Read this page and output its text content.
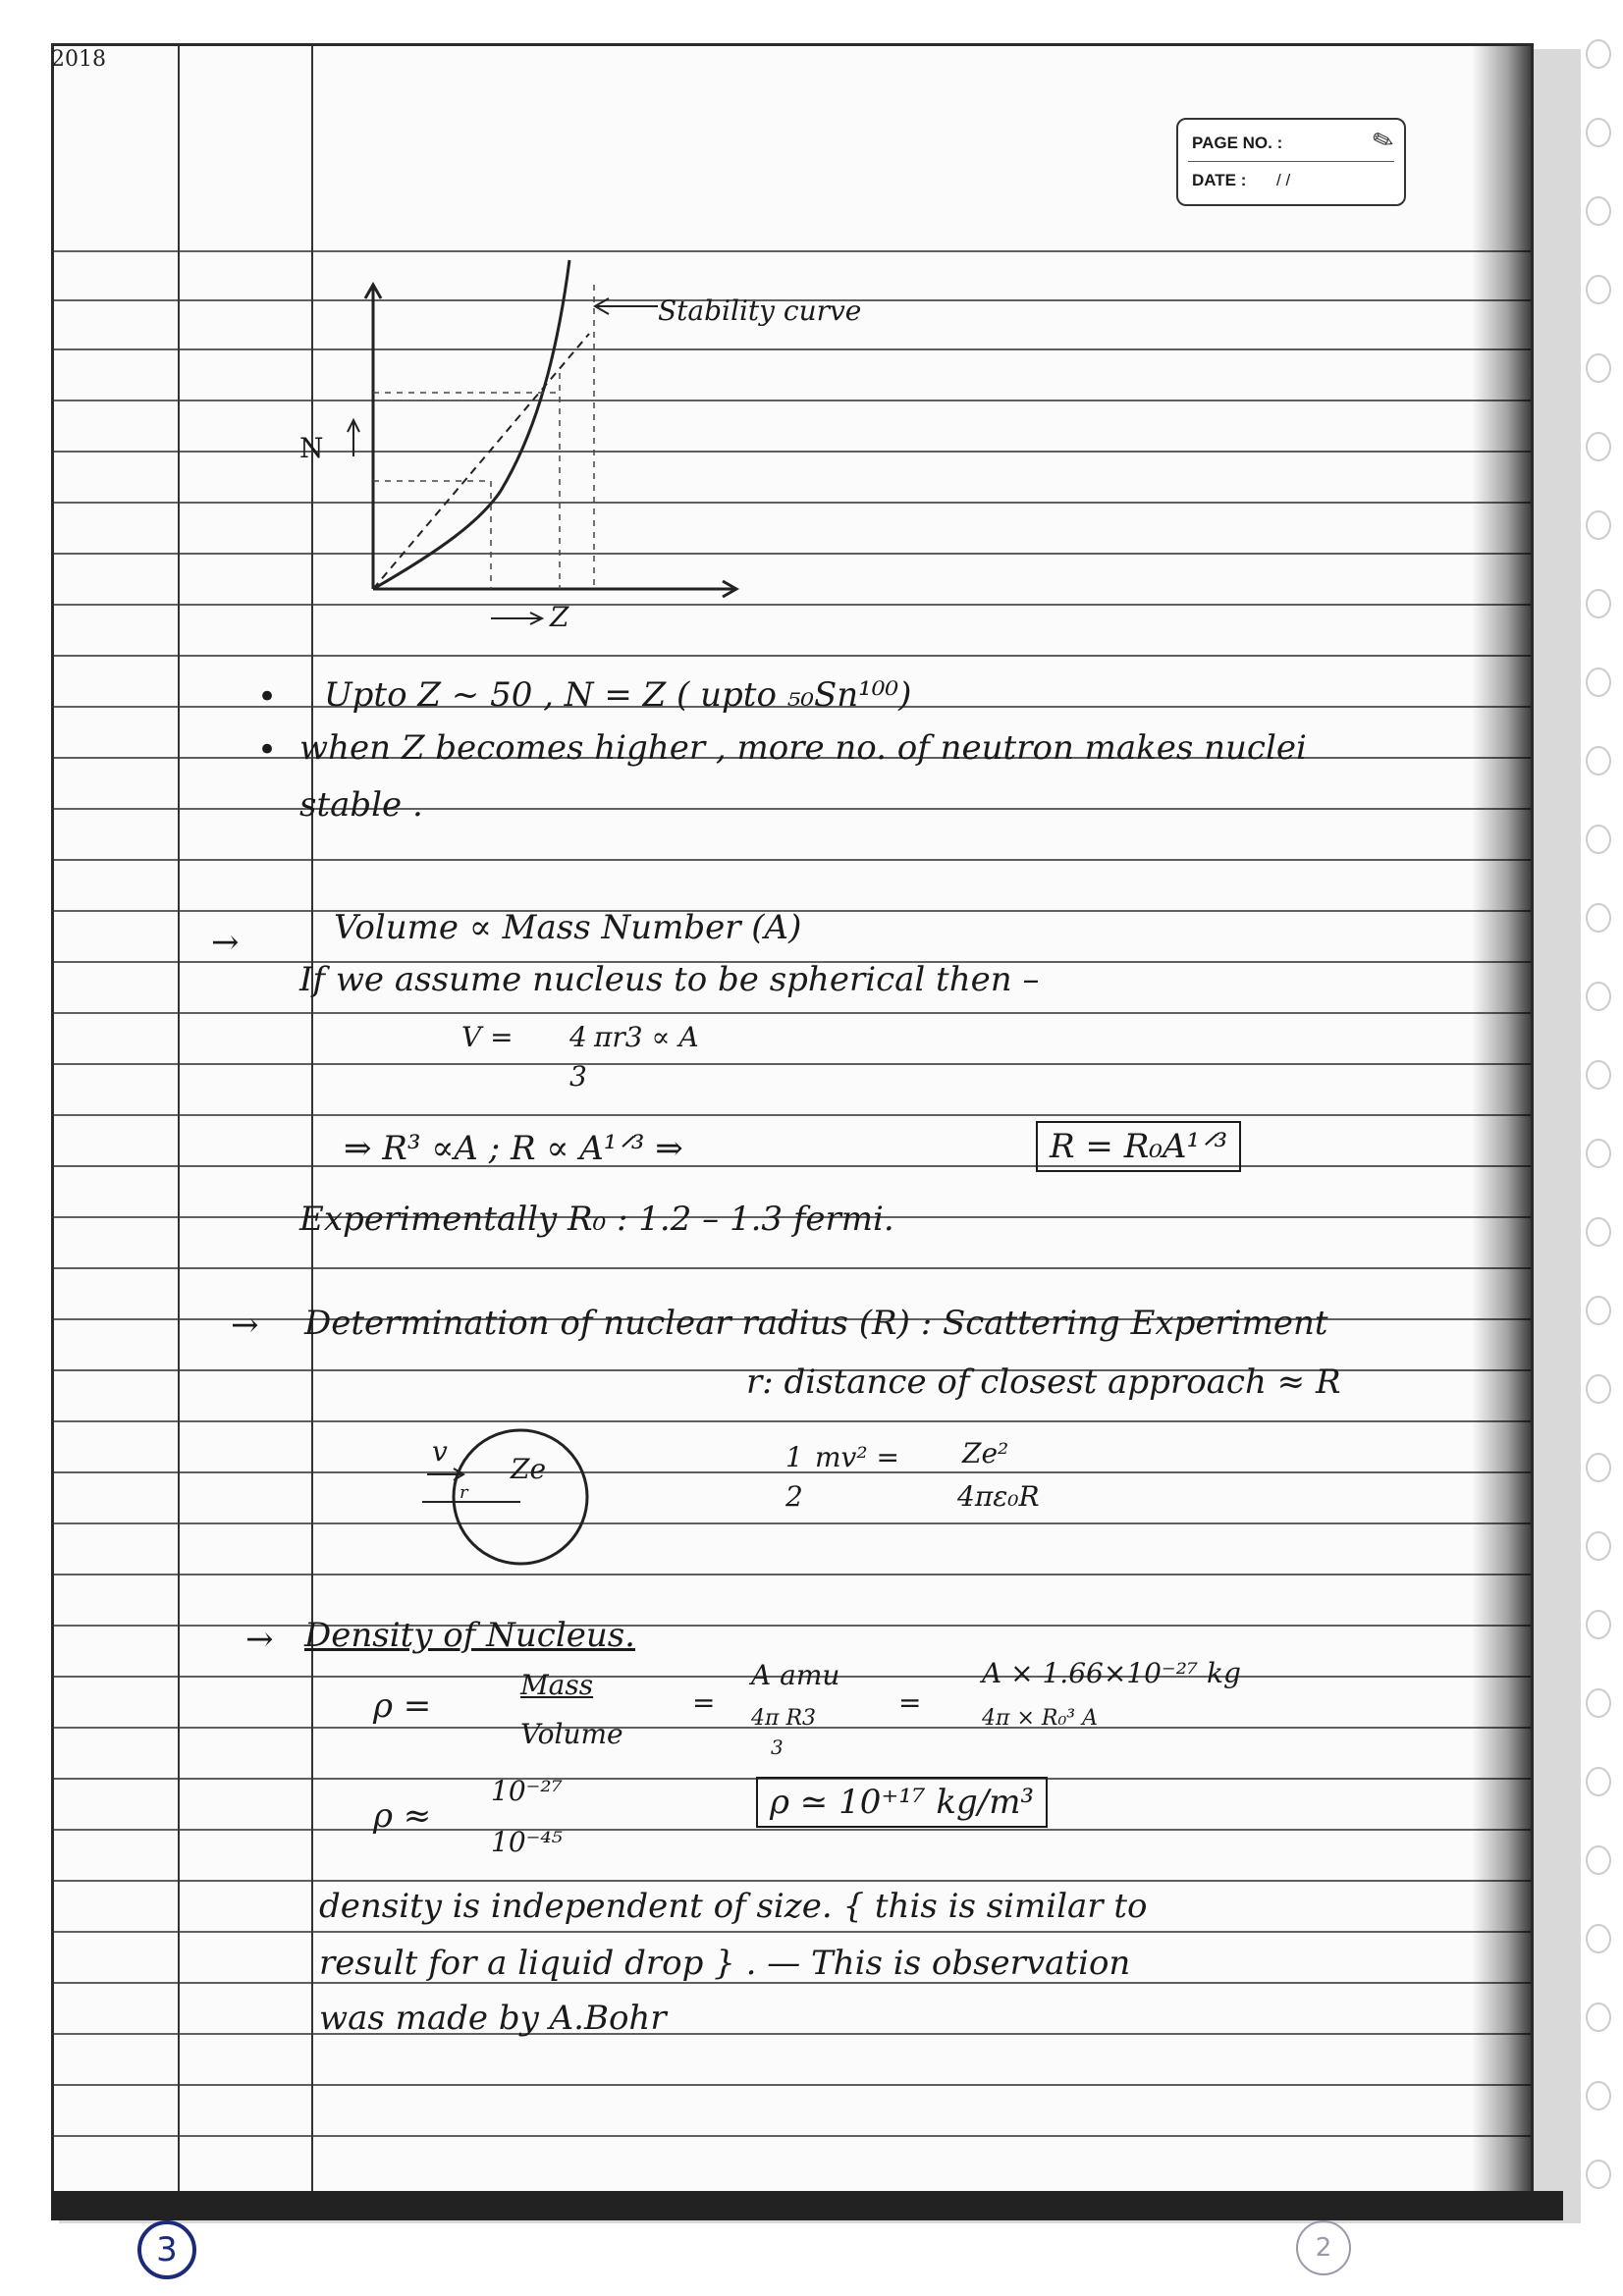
2018
PAGE NO. :
DATE : / /
✎
Stability curve
N
Z
•
•
Upto Z ~ 50 , N = Z ( upto ₅₀Sn¹⁰⁰)
when Z becomes higher , more no. of neutron makes nuclei
stable .
→	Volume ∝ Mass Number (A)
If we assume nucleus to be spherical then –
V = 4
3
πr3 ∝ A
⇒ R³ ∝A ; R ∝ A¹ᐟ³ ⇒	R = R₀A¹ᐟ³
Experimentally R₀ : 1.2 – 1.3 fermi.
→ Determination of nuclear radius (R) : Scattering Experiment
r: distance of closest approach ≈ R
v
Ze
r
1
2
mv² = Ze²
4πε₀R
→ Density of Nucleus.
ρ =
Mass
Volume
=
A amu
4π R3
3
=
A × 1.66×10⁻²⁷ kg
4π × R₀³ A
ρ ≈
10⁻²⁷
10⁻⁴⁵
ρ ≃ 10⁺¹⁷ kg/m³
density is independent of size. { this is similar to
result for a liquid drop } . — This is observation
was made by A.Bohr
3	2
